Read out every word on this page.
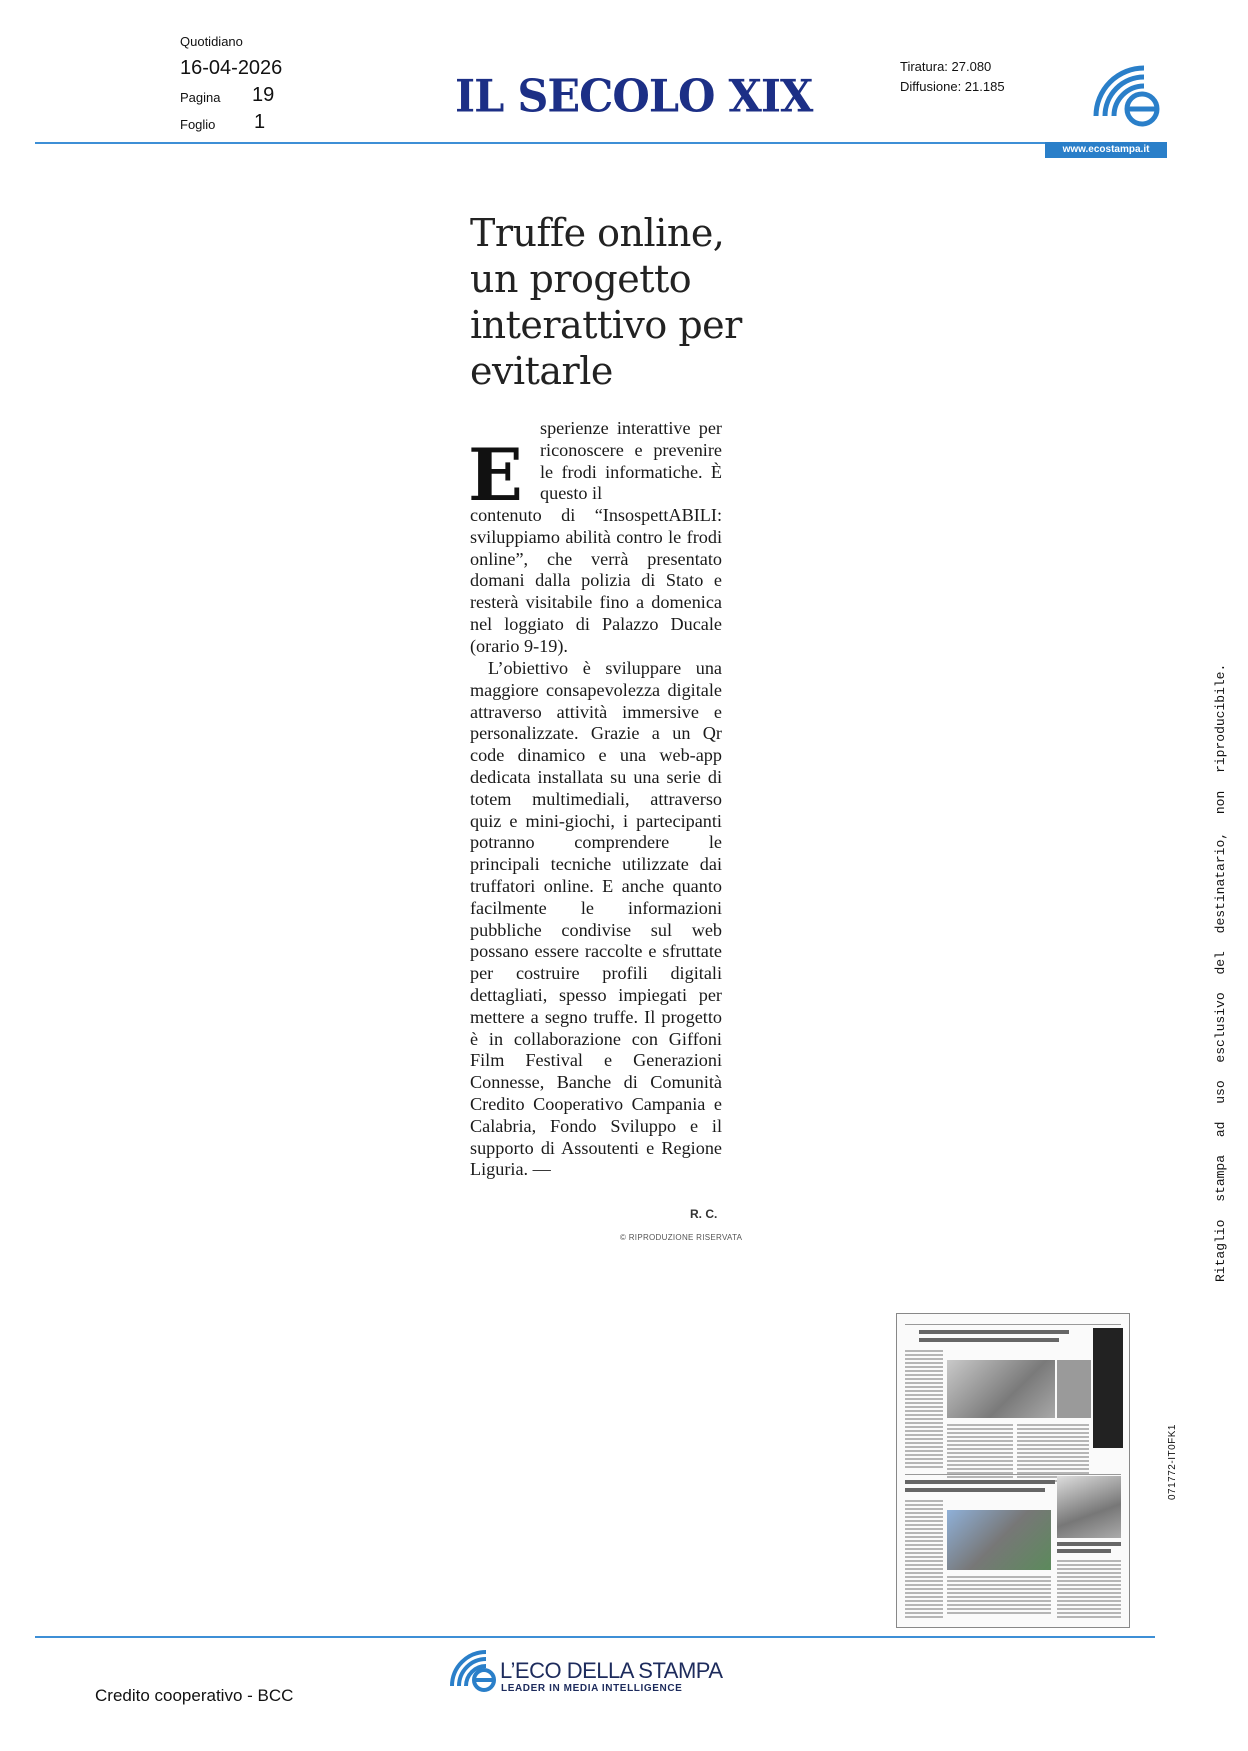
Quotidiano
16-04-2026
Pagina 19
Foglio 1	IL SECOLO XIX
Tiratura: 27.080
Diffusione: 21.185
www.ecostampa.it
Truffe online, un progetto interattivo per evitarle
E
sperienze interattive per riconoscere e prevenire le frodi informatiche. È questo il
contenuto di “InsospettABILI: sviluppiamo abilità contro le frodi online”, che verrà presentato domani dalla polizia di Stato e resterà visitabile fino a domenica nel loggiato di Palazzo Ducale (orario 9-19).
L’obiettivo è sviluppare una maggiore consapevolezza digitale attraverso attività immersive e personalizzate. Grazie a un Qr code dinamico e una web-app dedicata installata su una serie di totem multimediali, attraverso quiz e mini-giochi, i partecipanti potranno comprendere le principali tecniche utilizzate dai truffatori online. E anche quanto facilmente le informazioni pubbliche condivise sul web possano essere raccolte e sfruttate per costruire profili digitali dettagliati, spesso impiegati per mettere a segno truffe. Il progetto è in collaborazione con Giffoni Film Festival e Generazioni Connesse, Banche di Comunità Credito Cooperativo Campania e Calabria, Fondo Sviluppo e il supporto di Assoutenti e Regione Liguria. —
R. C.
© RIPRODUZIONE RISERVATA	Ritaglio stampa ad uso esclusivo del destinatario, non riproducibile.
071772-IT0FK1
L’ECO DELLA STAMPA
LEADER IN MEDIA INTELLIGENCE
Credito cooperativo - BCC
